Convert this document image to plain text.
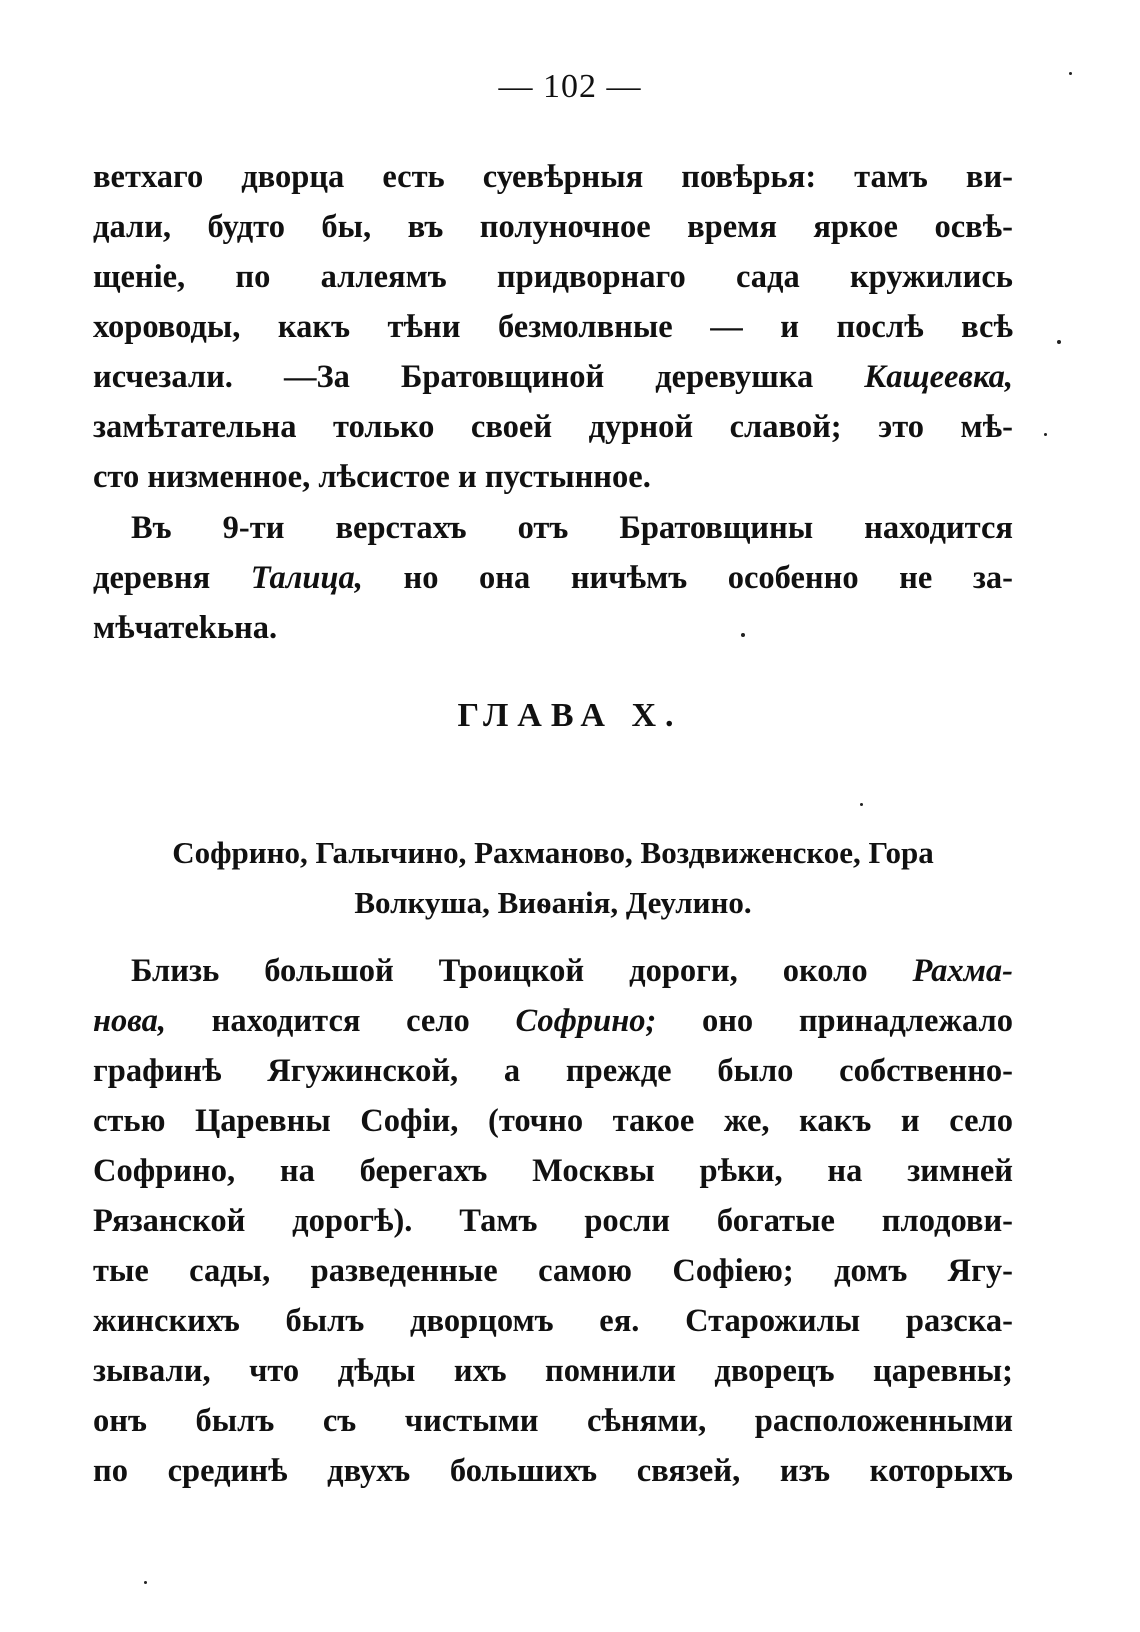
— 102 —
ветхаго дворца есть суевѣрныя повѣрья: тамъ ви-
дали, будто бы, въ полуночное время яркое освѣ-
щеніе, по аллеямъ придворнаго сада кружились
хороводы, какъ тѣни безмолвные — и послѣ всѣ
исчезали. —За Братовщиной деревушка Кащеевка,
замѣтательна только своей дурной славой; это мѣ-
сто низменное, лѣсистое и пустынное.
Въ 9-ти верстахъ отъ Братовщины находится
деревня Талица, но она ничѣмъ особенно не за-
мѣчатеkьна.
ГЛАВА X.
Софрино, Галычино, Рахманово, Воздвиженское, Гора
Волкуша, Виѳанія, Деулино.
Близь большой Троицкой дороги, около Рахма-
нова, находится село Софрино; оно принадлежало
графинѣ Ягужинской, а прежде было собственно-
стью Царевны Софіи, (точно такое же, какъ и село
Софрино, на берегахъ Москвы рѣки, на зимней
Рязанской дорогѣ). Тамъ росли богатые плодови-
тые сады, разведенные самою Софіею; домъ Ягу-
жинскихъ былъ дворцомъ ея. Старожилы разска-
зывали, что дѣды ихъ помнили дворецъ царевны;
онъ былъ съ чистыми сѣнями, расположенными
по срединѣ двухъ большихъ связей, изъ которыхъ
